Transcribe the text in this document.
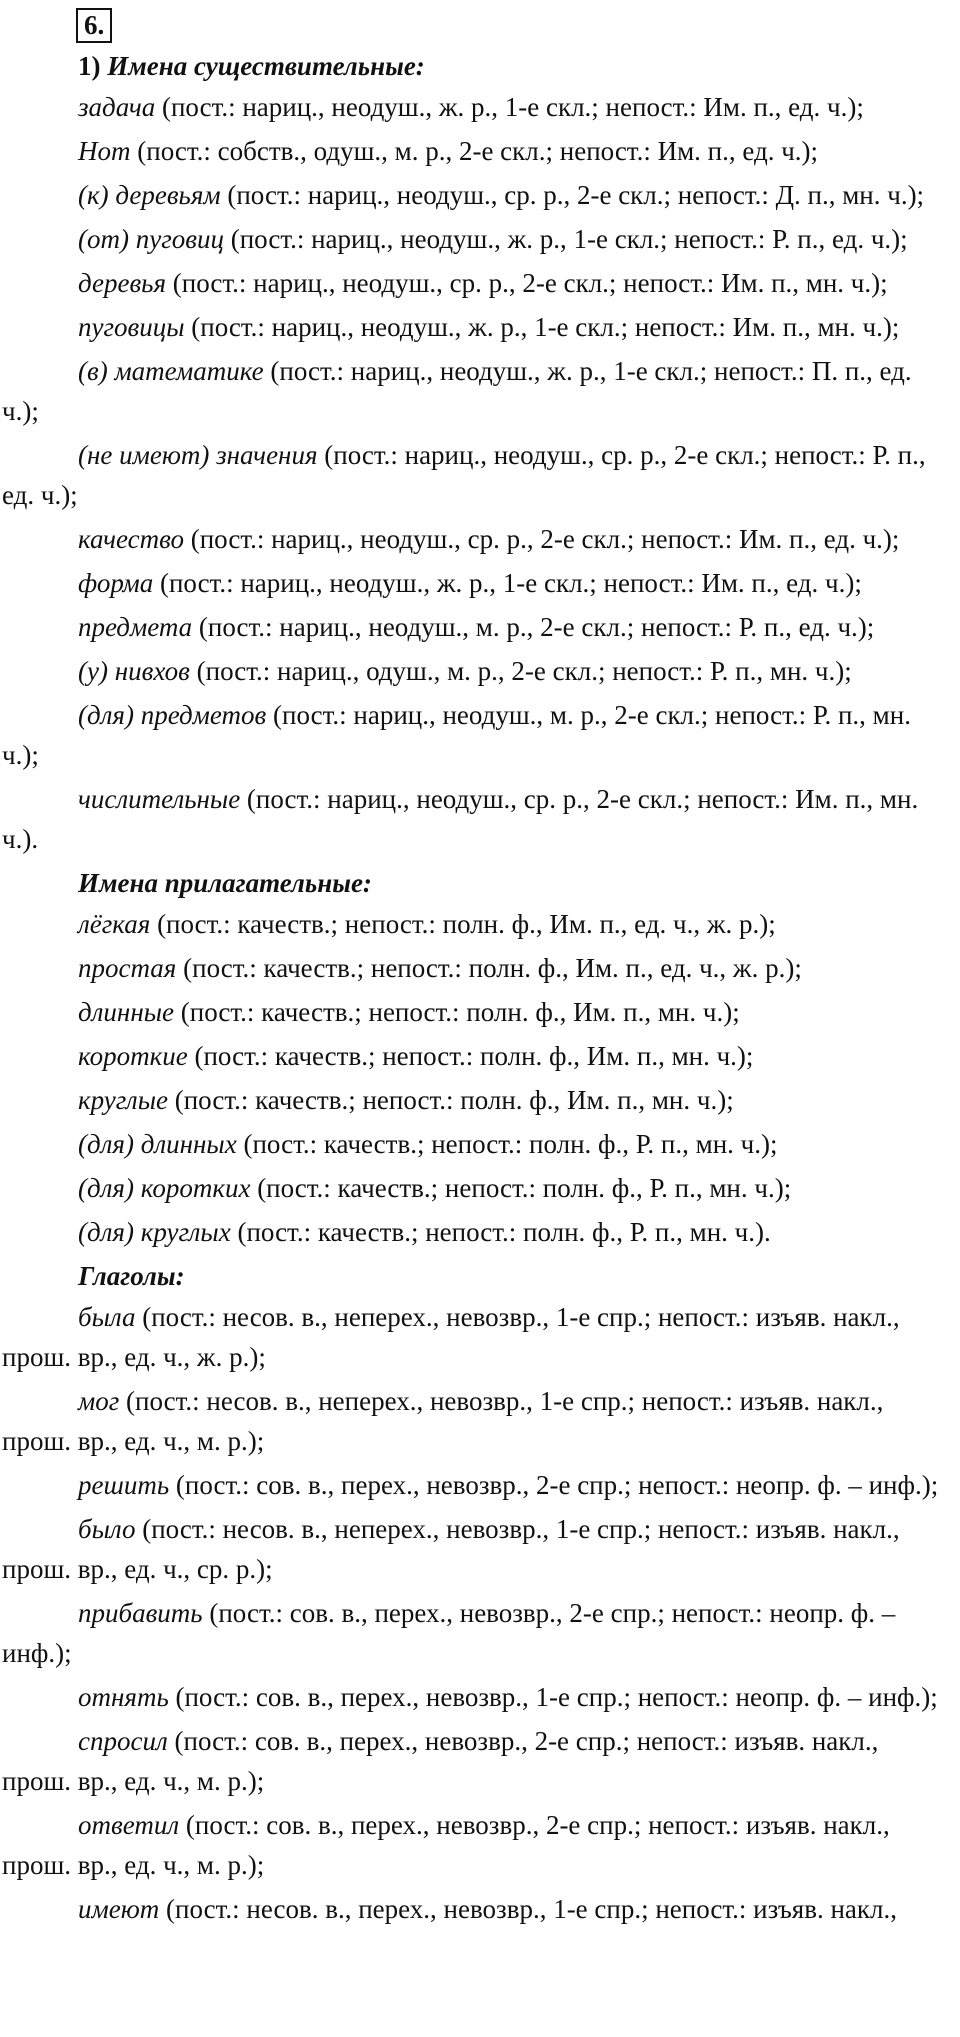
6.
1) Имена существительные:
задача (пост.: нариц., неодуш., ж. р., 1-е скл.; непост.: Им. п., ед. ч.);
Нот (пост.: собств., одуш., м. р., 2-е скл.; непост.: Им. п., ед. ч.);
(к) деревьям (пост.: нариц., неодуш., ср. р., 2-е скл.; непост.: Д. п., мн. ч.);
(от) пуговиц (пост.: нариц., неодуш., ж. р., 1-е скл.; непост.: Р. п., ед. ч.);
деревья (пост.: нариц., неодуш., ср. р., 2-е скл.; непост.: Им. п., мн. ч.);
пуговицы (пост.: нариц., неодуш., ж. р., 1-е скл.; непост.: Им. п., мн. ч.);
(в) математике (пост.: нариц., неодуш., ж. р., 1-е скл.; непост.: П. п., ед. ч.);
(не имеют) значения (пост.: нариц., неодуш., ср. р., 2-е скл.; непост.: Р. п., ед. ч.);
качество (пост.: нариц., неодуш., ср. р., 2-е скл.; непост.: Им. п., ед. ч.);
форма (пост.: нариц., неодуш., ж. р., 1-е скл.; непост.: Им. п., ед. ч.);
предмета (пост.: нариц., неодуш., м. р., 2-е скл.; непост.: Р. п., ед. ч.);
(у) нивхов (пост.: нариц., одуш., м. р., 2-е скл.; непост.: Р. п., мн. ч.);
(для) предметов (пост.: нариц., неодуш., м. р., 2-е скл.; непост.: Р. п., мн. ч.);
числительные (пост.: нариц., неодуш., ср. р., 2-е скл.; непост.: Им. п., мн. ч.).
Имена прилагательные:
лёгкая (пост.: качеств.; непост.: полн. ф., Им. п., ед. ч., ж. р.);
простая (пост.: качеств.; непост.: полн. ф., Им. п., ед. ч., ж. р.);
длинные (пост.: качеств.; непост.: полн. ф., Им. п., мн. ч.);
короткие (пост.: качеств.; непост.: полн. ф., Им. п., мн. ч.);
круглые (пост.: качеств.; непост.: полн. ф., Им. п., мн. ч.);
(для) длинных (пост.: качеств.; непост.: полн. ф., Р. п., мн. ч.);
(для) коротких (пост.: качеств.; непост.: полн. ф., Р. п., мн. ч.);
(для) круглых (пост.: качеств.; непост.: полн. ф., Р. п., мн. ч.).
Глаголы:
была (пост.: несов. в., неперех., невозвр., 1-е спр.; непост.: изъяв. накл., прош. вр., ед. ч., ж. р.);
мог (пост.: несов. в., неперех., невозвр., 1-е спр.; непост.: изъяв. накл., прош. вр., ед. ч., м. р.);
решить (пост.: сов. в., перех., невозвр., 2-е спр.; непост.: неопр. ф. – инф.);
было (пост.: несов. в., неперех., невозвр., 1-е спр.; непост.: изъяв. накл., прош. вр., ед. ч., ср. р.);
прибавить (пост.: сов. в., перех., невозвр., 2-е спр.; непост.: неопр. ф. – инф.);
отнять (пост.: сов. в., перех., невозвр., 1-е спр.; непост.: неопр. ф. – инф.);
спросил (пост.: сов. в., перех., невозвр., 2-е спр.; непост.: изъяв. накл., прош. вр., ед. ч., м. р.);
ответил (пост.: сов. в., перех., невозвр., 2-е спр.; непост.: изъяв. накл., прош. вр., ед. ч., м. р.);
имеют (пост.: несов. в., перех., невозвр., 1-е спр.; непост.: изъяв. накл.,
